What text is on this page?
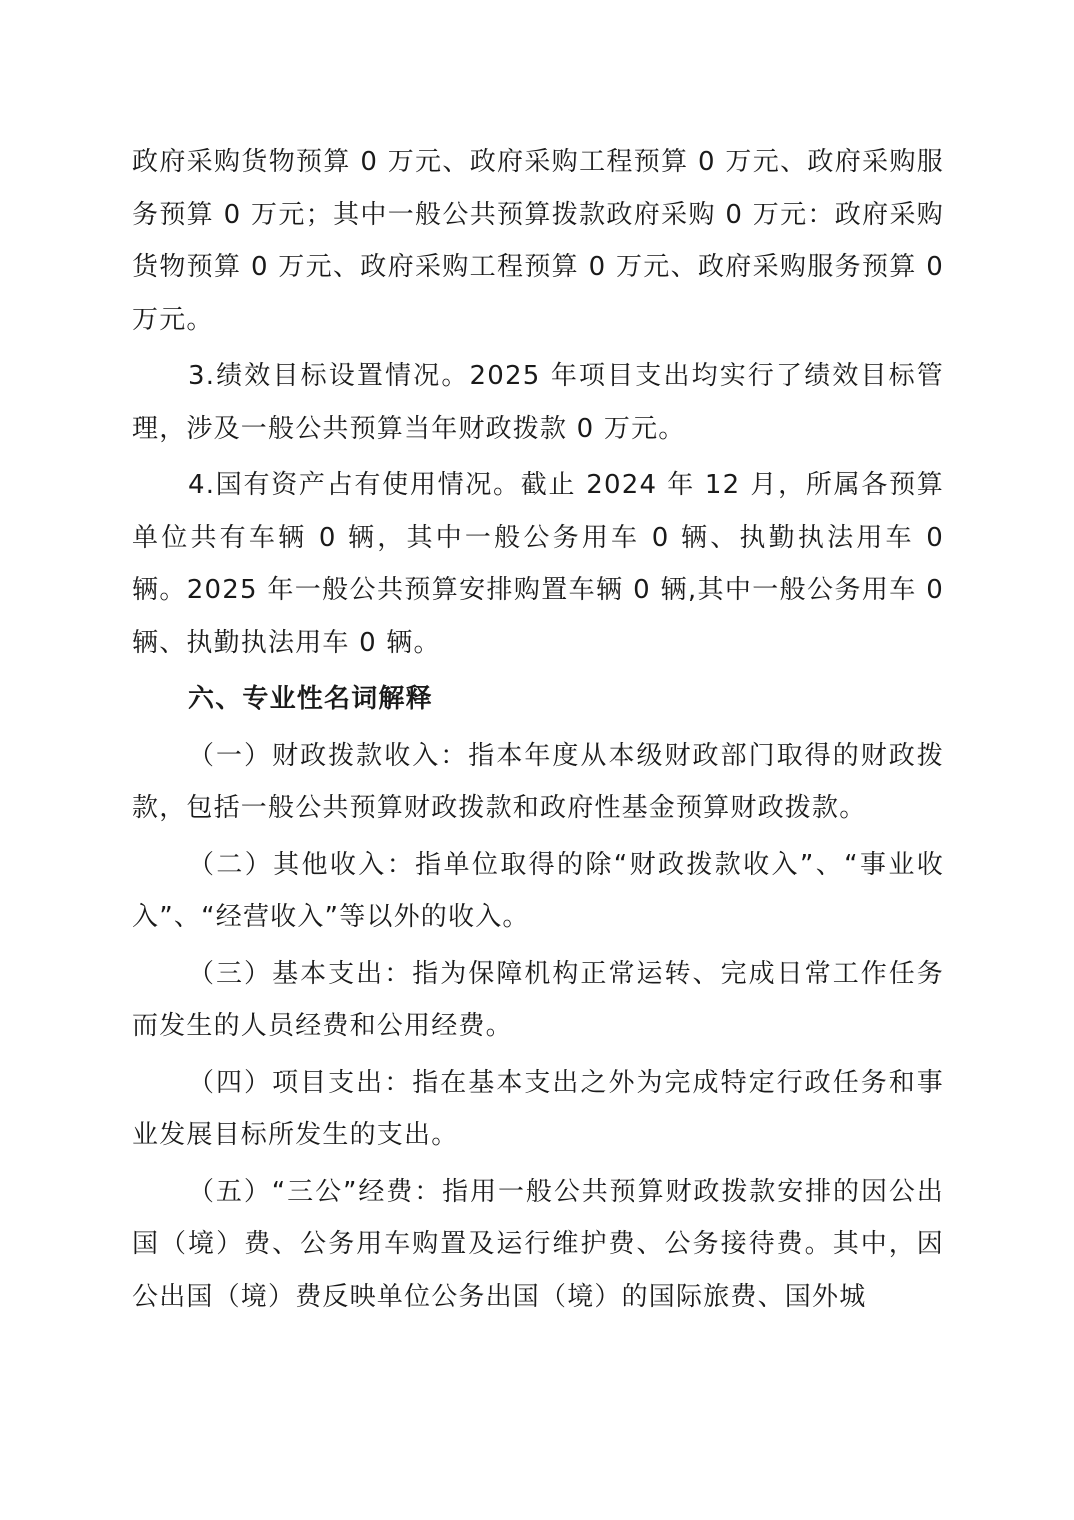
政府采购货物预算 0 万元、政府采购工程预算 0 万元、政府采购服务预算 0 万元；其中一般公共预算拨款政府采购 0 万元：政府采购货物预算 0 万元、政府采购工程预算 0 万元、政府采购服务预算 0 万元。

3.绩效目标设置情况。2025 年项目支出均实行了绩效目标管理，涉及一般公共预算当年财政拨款 0 万元。

4.国有资产占有使用情况。截止 2024 年 12 月，所属各预算单位共有车辆 0 辆，其中一般公务用车 0 辆、执勤执法用车 0 辆。2025 年一般公共预算安排购置车辆 0 辆,其中一般公务用车 0 辆、执勤执法用车 0 辆。

六、专业性名词解释

（一）财政拨款收入：指本年度从本级财政部门取得的财政拨款，包括一般公共预算财政拨款和政府性基金预算财政拨款。

（二）其他收入：指单位取得的除“财政拨款收入”、“事业收入”、“经营收入”等以外的收入。

（三）基本支出：指为保障机构正常运转、完成日常工作任务而发生的人员经费和公用经费。

（四）项目支出：指在基本支出之外为完成特定行政任务和事业发展目标所发生的支出。

（五）“三公”经费：指用一般公共预算财政拨款安排的因公出国（境）费、公务用车购置及运行维护费、公务接待费。其中，因公出国（境）费反映单位公务出国（境）的国际旅费、国外城
